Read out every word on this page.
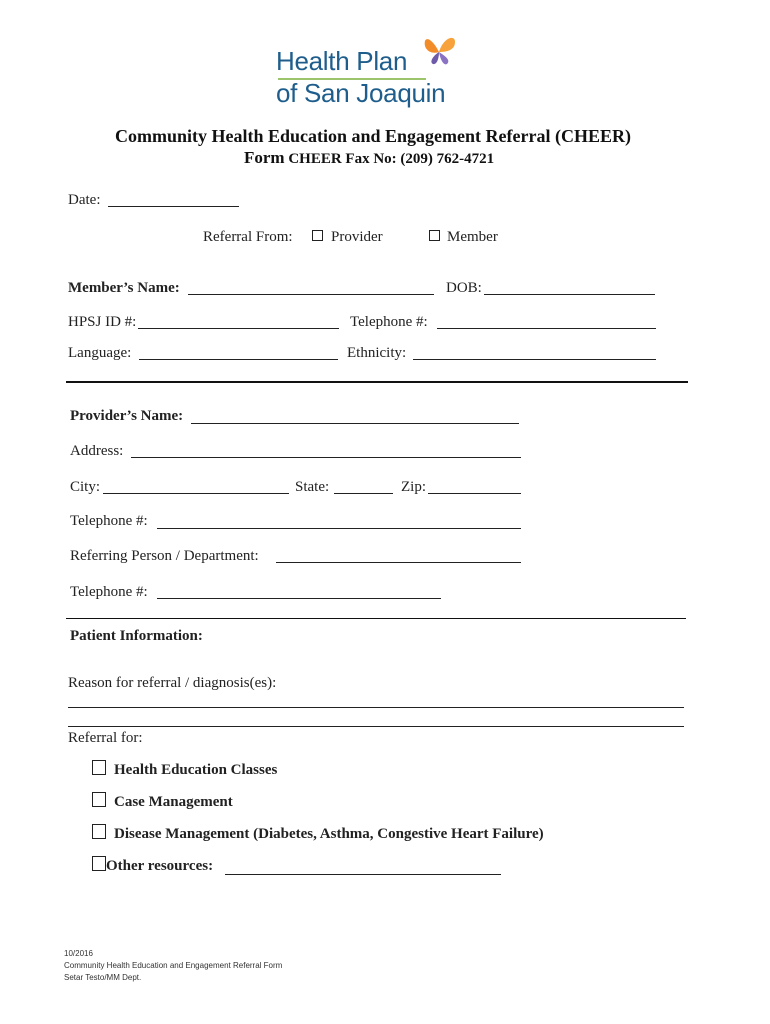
Health Plan
of San Joaquin
Community Health Education and Engagement Referral (CHEER)
Form CHEER Fax No: (209) 762-4721
Date:
Referral From:	Provider	Member
Member’s Name:	DOB:
HPSJ ID #:	Telephone #:
Language:	Ethnicity:
Provider’s Name:
Address:
City:	State:	Zip:
Telephone #:
Referring Person / Department:
Telephone #:
Patient Information:
Reason for referral / diagnosis(es):
Referral for:
Health Education Classes
Case Management
Disease Management (Diabetes, Asthma, Congestive Heart Failure)
Other resources:
10/2016
Community Health Education and Engagement Referral Form
Setar Testo/MM Dept.
